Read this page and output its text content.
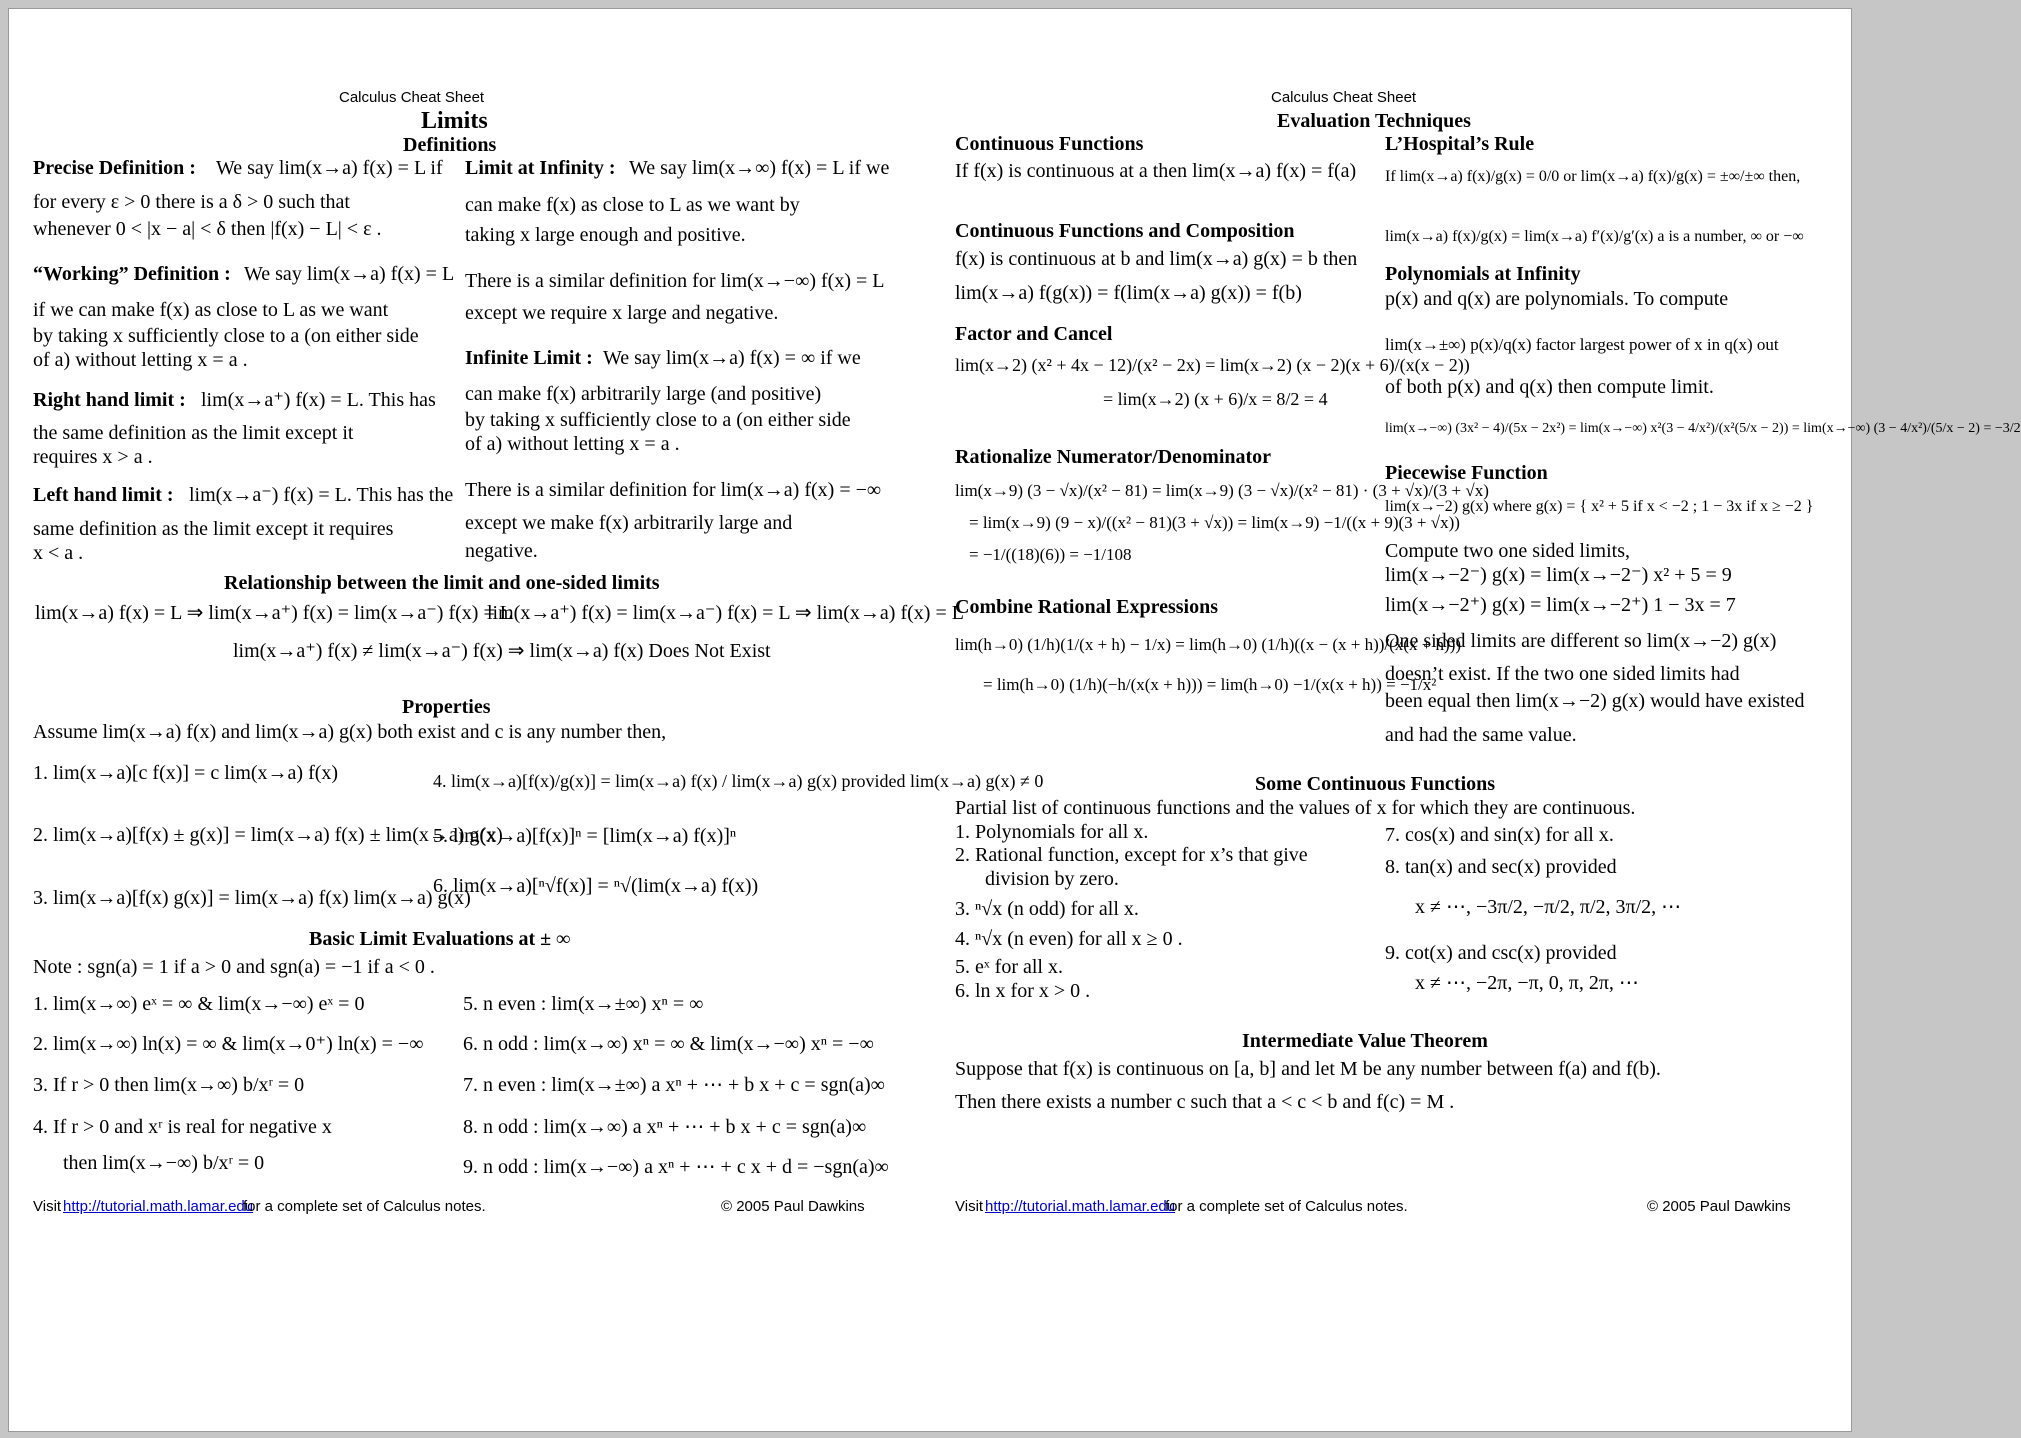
Calculus Cheat Sheet
Limits
Definitions
Precise Definition : We say lim(x→a) f(x) = L if
for every ε > 0 there is a δ > 0 such that
whenever 0 < |x − a| < δ then |f(x) − L| < ε .
“Working” Definition : We say lim(x→a) f(x) = L
if we can make f(x) as close to L as we want
by taking x sufficiently close to a (on either side
of a) without letting x = a .
Right hand limit : lim(x→a⁺) f(x) = L. This has
the same definition as the limit except it
requires x > a .
Left hand limit : lim(x→a⁻) f(x) = L. This has the
same definition as the limit except it requires
x < a .
Limit at Infinity : We say lim(x→∞) f(x) = L if we
can make f(x) as close to L as we want by
taking x large enough and positive.
There is a similar definition for lim(x→−∞) f(x) = L
except we require x large and negative.
Infinite Limit : We say lim(x→a) f(x) = ∞ if we
can make f(x) arbitrarily large (and positive)
by taking x sufficiently close to a (on either side
of a) without letting x = a .
There is a similar definition for lim(x→a) f(x) = −∞
except we make f(x) arbitrarily large and
negative.
Relationship between the limit and one-sided limits
lim(x→a) f(x) = L ⇒ lim(x→a⁺) f(x) = lim(x→a⁻) f(x) = L
lim(x→a⁺) f(x) = lim(x→a⁻) f(x) = L ⇒ lim(x→a) f(x) = L
lim(x→a⁺) f(x) ≠ lim(x→a⁻) f(x) ⇒ lim(x→a) f(x) Does Not Exist
Properties
Assume lim(x→a) f(x) and lim(x→a) g(x) both exist and c is any number then,
1. lim(x→a)[c f(x)] = c lim(x→a) f(x)
2. lim(x→a)[f(x) ± g(x)] = lim(x→a) f(x) ± lim(x→a) g(x)
3. lim(x→a)[f(x) g(x)] = lim(x→a) f(x) lim(x→a) g(x)
4. lim(x→a)[f(x)/g(x)] = lim(x→a) f(x) / lim(x→a) g(x) provided lim(x→a) g(x) ≠ 0
5. lim(x→a)[f(x)]ⁿ = [lim(x→a) f(x)]ⁿ
6. lim(x→a)[ⁿ√f(x)] = ⁿ√(lim(x→a) f(x))
Basic Limit Evaluations at ± ∞
Note : sgn(a) = 1 if a > 0 and sgn(a) = −1 if a < 0 .
1. lim(x→∞) eˣ = ∞ & lim(x→−∞) eˣ = 0
2. lim(x→∞) ln(x) = ∞ & lim(x→0⁺) ln(x) = −∞
3. If r > 0 then lim(x→∞) b/xʳ = 0
4. If r > 0 and xʳ is real for negative x
then lim(x→−∞) b/xʳ = 0
5. n even : lim(x→±∞) xⁿ = ∞
6. n odd : lim(x→∞) xⁿ = ∞ & lim(x→−∞) xⁿ = −∞
7. n even : lim(x→±∞) a xⁿ + ⋯ + b x + c = sgn(a)∞
8. n odd : lim(x→∞) a xⁿ + ⋯ + b x + c = sgn(a)∞
9. n odd : lim(x→−∞) a xⁿ + ⋯ + c x + d = −sgn(a)∞
Visit http://tutorial.math.lamar.edu
for a complete set of Calculus notes.	© 2005 Paul Dawkins
Calculus Cheat Sheet
Evaluation Techniques
Continuous Functions
If f(x) is continuous at a then lim(x→a) f(x) = f(a)
Continuous Functions and Composition
f(x) is continuous at b and lim(x→a) g(x) = b then
lim(x→a) f(g(x)) = f(lim(x→a) g(x)) = f(b)
Factor and Cancel
lim(x→2) (x² + 4x − 12)/(x² − 2x) = lim(x→2) (x − 2)(x + 6)/(x(x − 2))
= lim(x→2) (x + 6)/x = 8/2 = 4
Rationalize Numerator/Denominator
lim(x→9) (3 − √x)/(x² − 81) = lim(x→9) (3 − √x)/(x² − 81) · (3 + √x)/(3 + √x)
= lim(x→9) (9 − x)/((x² − 81)(3 + √x)) = lim(x→9) −1/((x + 9)(3 + √x))
= −1/((18)(6)) = −1/108
Combine Rational Expressions
lim(h→0) (1/h)(1/(x + h) − 1/x) = lim(h→0) (1/h)((x − (x + h))/(x(x + h)))
= lim(h→0) (1/h)(−h/(x(x + h))) = lim(h→0) −1/(x(x + h)) = −1/x²
L’Hospital’s Rule
If lim(x→a) f(x)/g(x) = 0/0 or lim(x→a) f(x)/g(x) = ±∞/±∞ then,
lim(x→a) f(x)/g(x) = lim(x→a) f′(x)/g′(x) a is a number, ∞ or −∞
Polynomials at Infinity
p(x) and q(x) are polynomials. To compute
lim(x→±∞) p(x)/q(x) factor largest power of x in q(x) out
of both p(x) and q(x) then compute limit.
lim(x→−∞) (3x² − 4)/(5x − 2x²) = lim(x→−∞) x²(3 − 4/x²)/(x²(5/x − 2)) = lim(x→−∞) (3 − 4/x²)/(5/x − 2) = −3/2
Piecewise Function
lim(x→−2) g(x) where g(x) = { x² + 5 if x < −2 ; 1 − 3x if x ≥ −2 }
Compute two one sided limits,
lim(x→−2⁻) g(x) = lim(x→−2⁻) x² + 5 = 9
lim(x→−2⁺) g(x) = lim(x→−2⁺) 1 − 3x = 7
One sided limits are different so lim(x→−2) g(x)
doesn’t exist. If the two one sided limits had
been equal then lim(x→−2) g(x) would have existed
and had the same value.
Some Continuous Functions
Partial list of continuous functions and the values of x for which they are continuous.
1. Polynomials for all x.
2. Rational function, except for x’s that give
division by zero.
3. ⁿ√x (n odd) for all x.
4. ⁿ√x (n even) for all x ≥ 0 .
5. eˣ for all x.
6. ln x for x > 0 .
7. cos(x) and sin(x) for all x.
8. tan(x) and sec(x) provided
x ≠ ⋯, −3π/2, −π/2, π/2, 3π/2, ⋯
9. cot(x) and csc(x) provided
x ≠ ⋯, −2π, −π, 0, π, 2π, ⋯
Intermediate Value Theorem
Suppose that f(x) is continuous on [a, b] and let M be any number between f(a) and f(b).
Then there exists a number c such that a < c < b and f(c) = M .
Visit http://tutorial.math.lamar.edu
for a complete set of Calculus notes.	© 2005 Paul Dawkins
